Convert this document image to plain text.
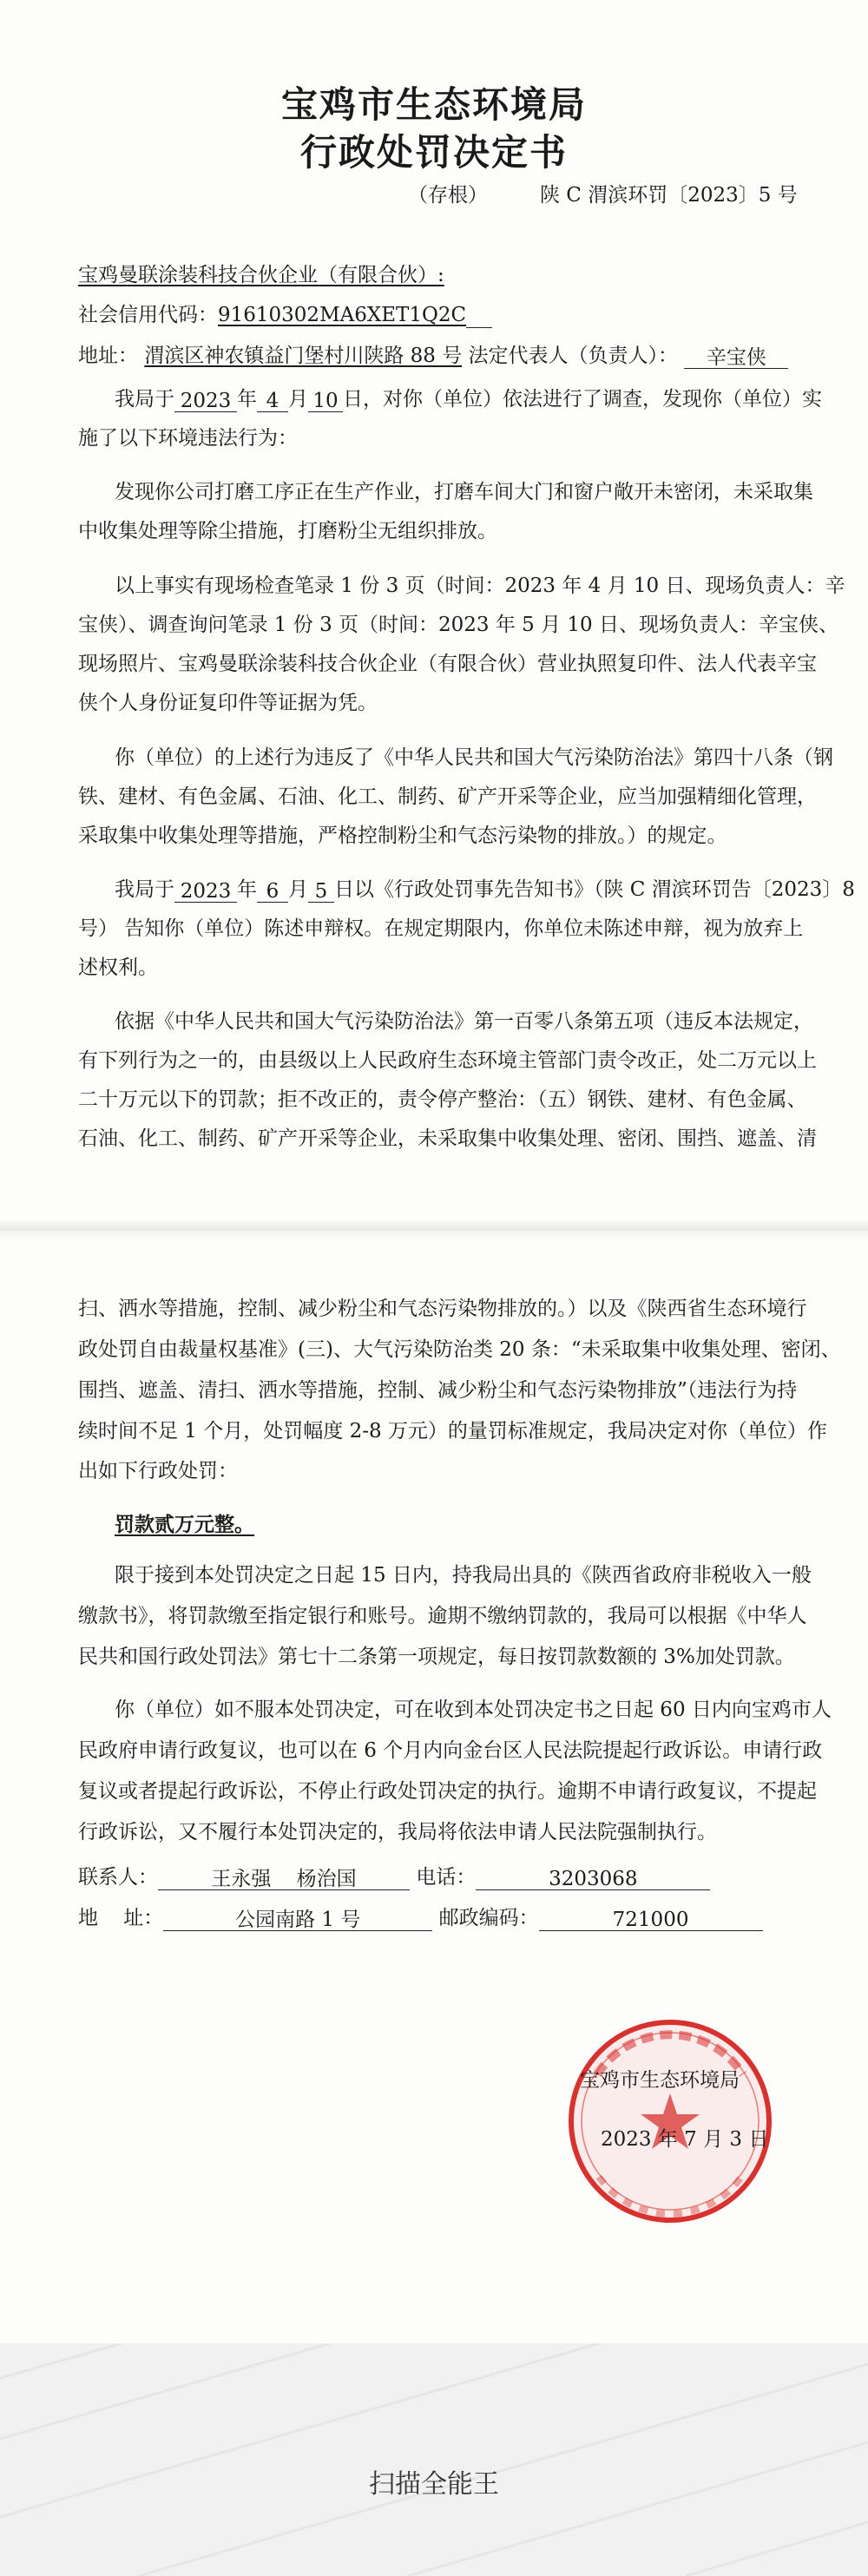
宝鸡市生态环境局
行政处罚决定书
（存根）	陕 C 渭滨环罚〔2023〕5 号
宝鸡曼联涂装科技合伙企业（有限合伙）:
社会信用代码：91610302MA6XET1Q2C
地址： 渭滨区神农镇益门堡村川陕路 88 号 法定代表人（负责人）： 辛宝侠
我局于 2023 年 4 月 10 日，对你（单位）依法进行了调查，发现你（单位）实
施了以下环境违法行为：
发现你公司打磨工序正在生产作业，打磨车间大门和窗户敞开未密闭，未采取集
中收集处理等除尘措施，打磨粉尘无组织排放。
以上事实有现场检查笔录 1 份 3 页（时间：2023 年 4 月 10 日、现场负责人：辛
宝侠）、调查询问笔录 1 份 3 页（时间：2023 年 5 月 10 日、现场负责人：辛宝侠、
现场照片、宝鸡曼联涂装科技合伙企业（有限合伙）营业执照复印件、法人代表辛宝
侠个人身份证复印件等证据为凭。
你（单位）的上述行为违反了《中华人民共和国大气污染防治法》第四十八条（钢
铁、建材、有色金属、石油、化工、制药、矿产开采等企业，应当加强精细化管理，
采取集中收集处理等措施，严格控制粉尘和气态污染物的排放。）的规定。
我局于 2023 年 6 月 5 日以《行政处罚事先告知书》（陕 C 渭滨环罚告〔2023〕8
号） 告知你（单位）陈述申辩权。在规定期限内，你单位未陈述申辩，视为放弃上
述权利。
依据《中华人民共和国大气污染防治法》第一百零八条第五项（违反本法规定，
有下列行为之一的，由县级以上人民政府生态环境主管部门责令改正，处二万元以上
二十万元以下的罚款；拒不改正的，责令停产整治：（五）钢铁、建材、有色金属、
石油、化工、制药、矿产开采等企业，未采取集中收集处理、密闭、围挡、遮盖、清
扫、洒水等措施，控制、减少粉尘和气态污染物排放的。）以及《陕西省生态环境行
政处罚自由裁量权基准》(三)、大气污染防治类 20 条：“未采取集中收集处理、密闭、
围挡、遮盖、清扫、洒水等措施，控制、减少粉尘和气态污染物排放”（违法行为持
续时间不足 1 个月，处罚幅度 2-8 万元）的量罚标准规定，我局决定对你（单位）作
出如下行政处罚：
罚款贰万元整。
限于接到本处罚决定之日起 15 日内，持我局出具的《陕西省政府非税收入一般
缴款书》，将罚款缴至指定银行和账号。逾期不缴纳罚款的，我局可以根据《中华人
民共和国行政处罚法》第七十二条第一项规定，每日按罚款数额的 3%加处罚款。
你（单位）如不服本处罚决定，可在收到本处罚决定书之日起 60 日内向宝鸡市人
民政府申请行政复议，也可以在 6 个月内向金台区人民法院提起行政诉讼。申请行政
复议或者提起行政诉讼，不停止行政处罚决定的执行。逾期不申请行政复议，不提起
行政诉讼，又不履行本处罚决定的，我局将依法申请人民法院强制执行。
联系人：	王永强    杨治国	电话：	3203068
地    址：	公园南路 1 号	邮政编码：	721000
宝鸡市生态环境局
2023 年 7 月 3 日
扫描全能王
